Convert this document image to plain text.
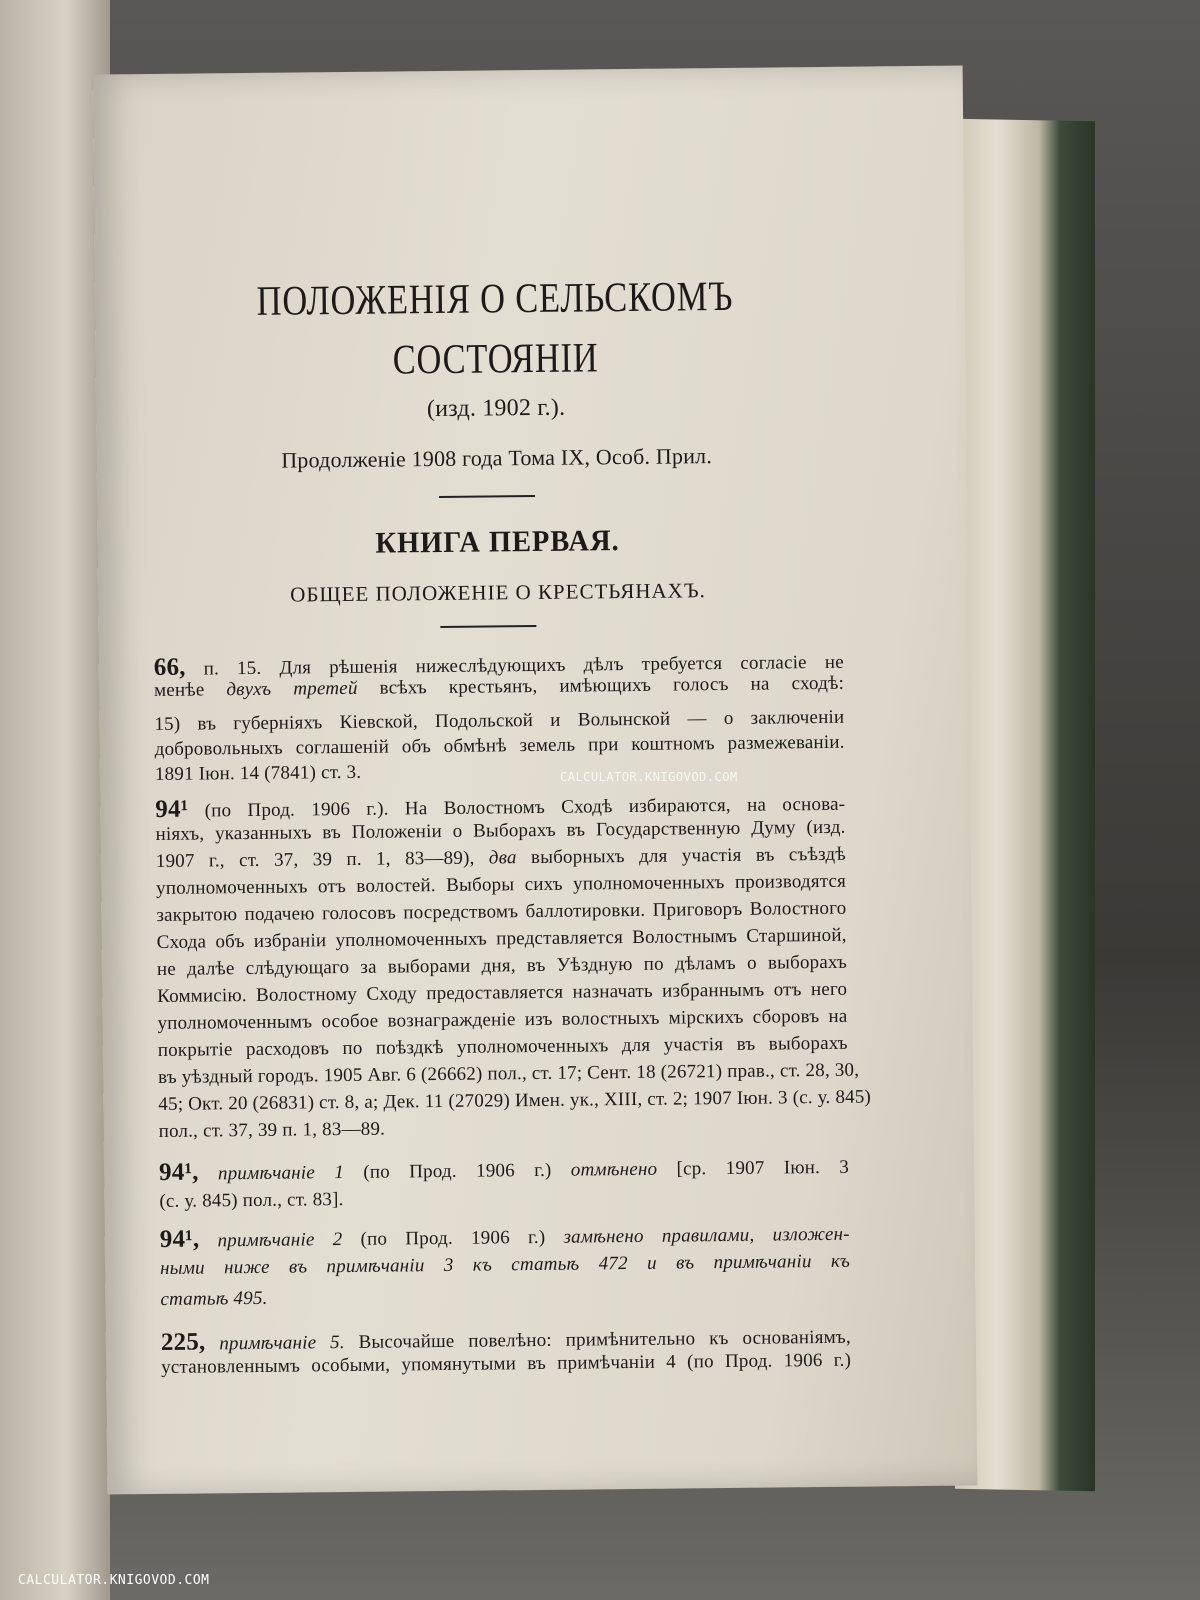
ПОЛОЖЕНІЯ О СЕЛЬСКОМЪ
СОСТОЯНІИ
(изд. 1902 г.).
Продолженіе 1908 года Тома IX, Особ. Прил.
КНИГА ПЕРВАЯ.
ОБЩЕЕ ПОЛОЖЕНІЕ О КРЕСТЬЯНАХЪ.
66, п. 15. Для рѣшенія нижеслѣдующихъ дѣлъ требуется согласіе не
менѣе двухъ третей всѣхъ крестьянъ, имѣющихъ голосъ на сходѣ:
15) въ губерніяхъ Кіевской, Подольской и Волынской — о заключеніи
добровольныхъ соглашеній объ обмѣнѣ земель при коштномъ размежеваніи.
1891 Іюн. 14 (7841) ст. 3.
94¹ (по Прод. 1906 г.). На Волостномъ Сходѣ избираются, на основа-
ніяхъ, указанныхъ въ Положеніи о Выборахъ въ Государственную Думу (изд.
1907 г., ст. 37, 39 п. 1, 83—89), два выборныхъ для участія въ съѣздѣ
уполномоченныхъ отъ волостей. Выборы сихъ уполномоченныхъ производятся
закрытою подачею голосовъ посредствомъ баллотировки. Приговоръ Волостного
Схода объ избраніи уполномоченныхъ представляется Волостнымъ Старшиной,
не далѣе слѣдующаго за выборами дня, въ Уѣздную по дѣламъ о выборахъ
Коммисію. Волостному Сходу предоставляется назначать избраннымъ отъ него
уполномоченнымъ особое вознагражденіе изъ волостныхъ мірскихъ сборовъ на
покрытіе расходовъ по поѣздкѣ уполномоченныхъ для участія въ выборахъ
въ уѣздный городъ. 1905 Авг. 6 (26662) пол., ст. 17; Сент. 18 (26721) прав., ст. 28, 30,
45; Окт. 20 (26831) ст. 8, а; Дек. 11 (27029) Имен. ук., XIII, ст. 2; 1907 Іюн. 3 (с. у. 845)
пол., ст. 37, 39 п. 1, 83—89.
94¹, примѣчаніе 1 (по Прод. 1906 г.) отмѣнено [ср. 1907 Іюн. 3
(с. у. 845) пол., ст. 83].
94¹, примѣчаніе 2 (по Прод. 1906 г.) замѣнено правилами, изложен-
ными ниже въ примѣчаніи 3 къ статьѣ 472 и въ примѣчаніи къ
статьѣ 495.
225, примѣчаніе 5. Высочайше повелѣно: примѣнительно къ основаніямъ,
установленнымъ особыми, упомянутыми въ примѣчаніи 4 (по Прод. 1906 г.)
CALCULATOR.KNIGOVOD.COM
CALCULATOR.KNIGOVOD.COM
